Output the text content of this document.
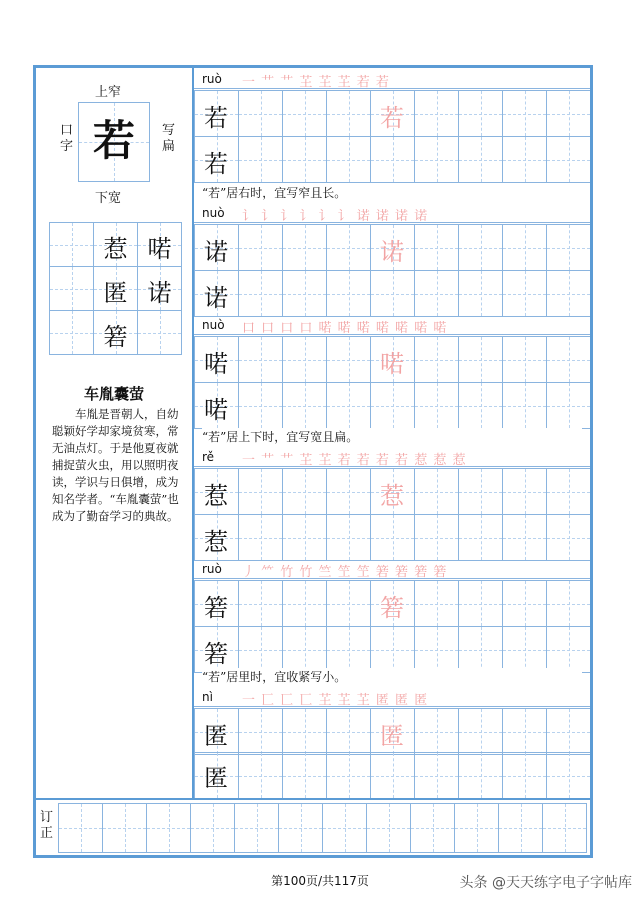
上窄
若
口字
写扁
下宽
惹 喏
匿 诺
箬
车胤囊萤
车胤是晋朝人，自幼聪颖好学却家境贫寒，常无油点灯。于是他夏夜就捕捉萤火虫，用以照明夜读，学识与日俱增，成为知名学者。“车胤囊萤”也成为了勤奋学习的典故。
ruò 一 艹 艹 芏 芏 芏 若 若
若	若
若
“若”居右时，宜写窄且长。
nuò 讠 讠 讠 讠 讠 讠 诺 诺 诺 诺
诺	诺
诺
nuò 口 口 口 口 喏 喏 喏 喏 喏 喏 喏
喏	喏
喏
“若”居上下时，宜写宽且扁。
rě 一 艹 艹 芏 芏 若 若 若 若 惹 惹 惹
惹	惹
惹
ruò 丿 ⺮ 竹 竹 竺 笁 笁 箬 箬 箬 箬
箬	箬
箬
“若”居里时，宜收紧写小。
nì 一 匸 匸 匸 芏 芏 芏 匿 匿 匿
匿	匿
匿
订正
第100页/共117页	头条 @天天练字电子字帖库
